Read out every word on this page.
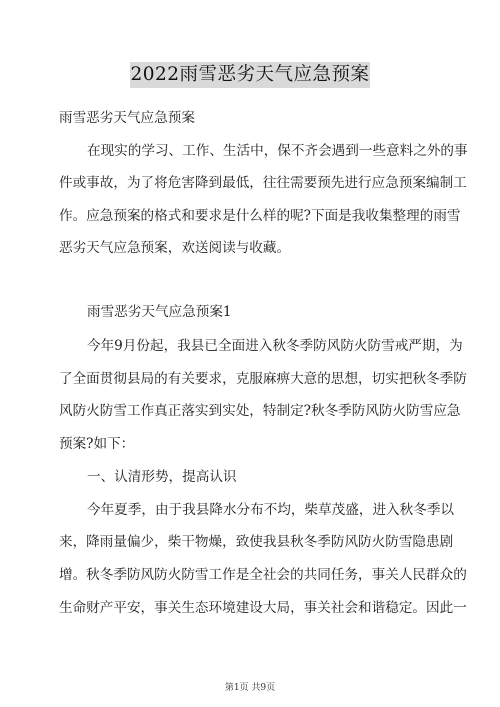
2022雨雪恶劣天气应急预案
雨雪恶劣天气应急预案
在现实的学习、工作、生活中，保不齐会遇到一些意料之外的事
件或事故，为了将危害降到最低，往往需要预先进行应急预案编制工
作。应急预案的格式和要求是什么样的呢?下面是我收集整理的雨雪
恶劣天气应急预案，欢送阅读与收藏。
雨雪恶劣天气应急预案1
今年9月份起，我县已全面进入秋冬季防风防火防雪戒严期，为
了全面贯彻县局的有关要求，克服麻痹大意的思想，切实把秋冬季防
风防火防雪工作真正落实到实处，特制定?秋冬季防风防火防雪应急
预案?如下：
一、认清形势，提高认识
今年夏季，由于我县降水分布不均，柴草茂盛，进入秋冬季以
来，降雨量偏少，柴干物燥，致使我县秋冬季防风防火防雪隐患剧
增。秋冬季防风防火防雪工作是全社会的共同任务，事关人民群众的
生命财产平安，事关生态环境建设大局，事关社会和谐稳定。因此一
第1页 共9页
